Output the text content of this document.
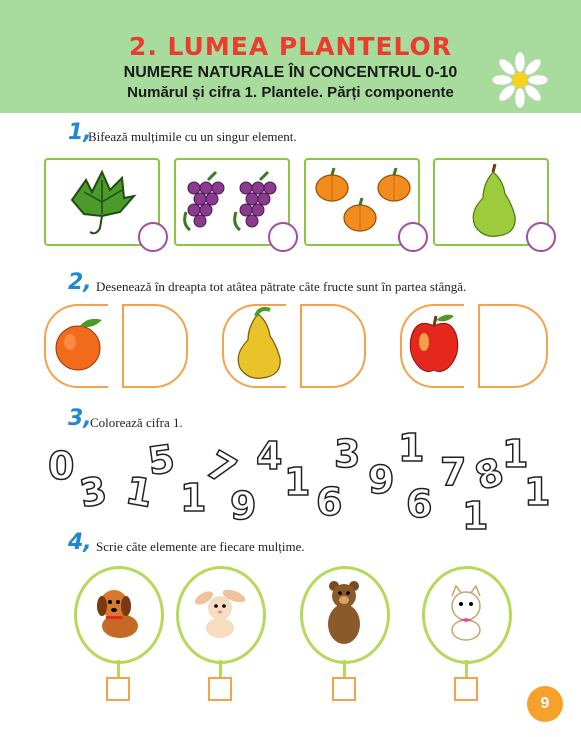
2. LUMEA PLANTELOR
NUMERE NATURALE ÎN CONCENTRUL 0-10
Numărul și cifra 1. Plantele. Părți componente
1,
Bifează mulțimile cu un singur element.
2, Desenează în dreapta tot atâtea pătrate câte fructe sunt în partea stângă.
3,
Colorează cifra 1.
0
3 1
5
1
7
9
4
1 6
3
9
6
1
7 8
1
1
1
4, Scrie câte elemente are fiecare mulțime.
9
